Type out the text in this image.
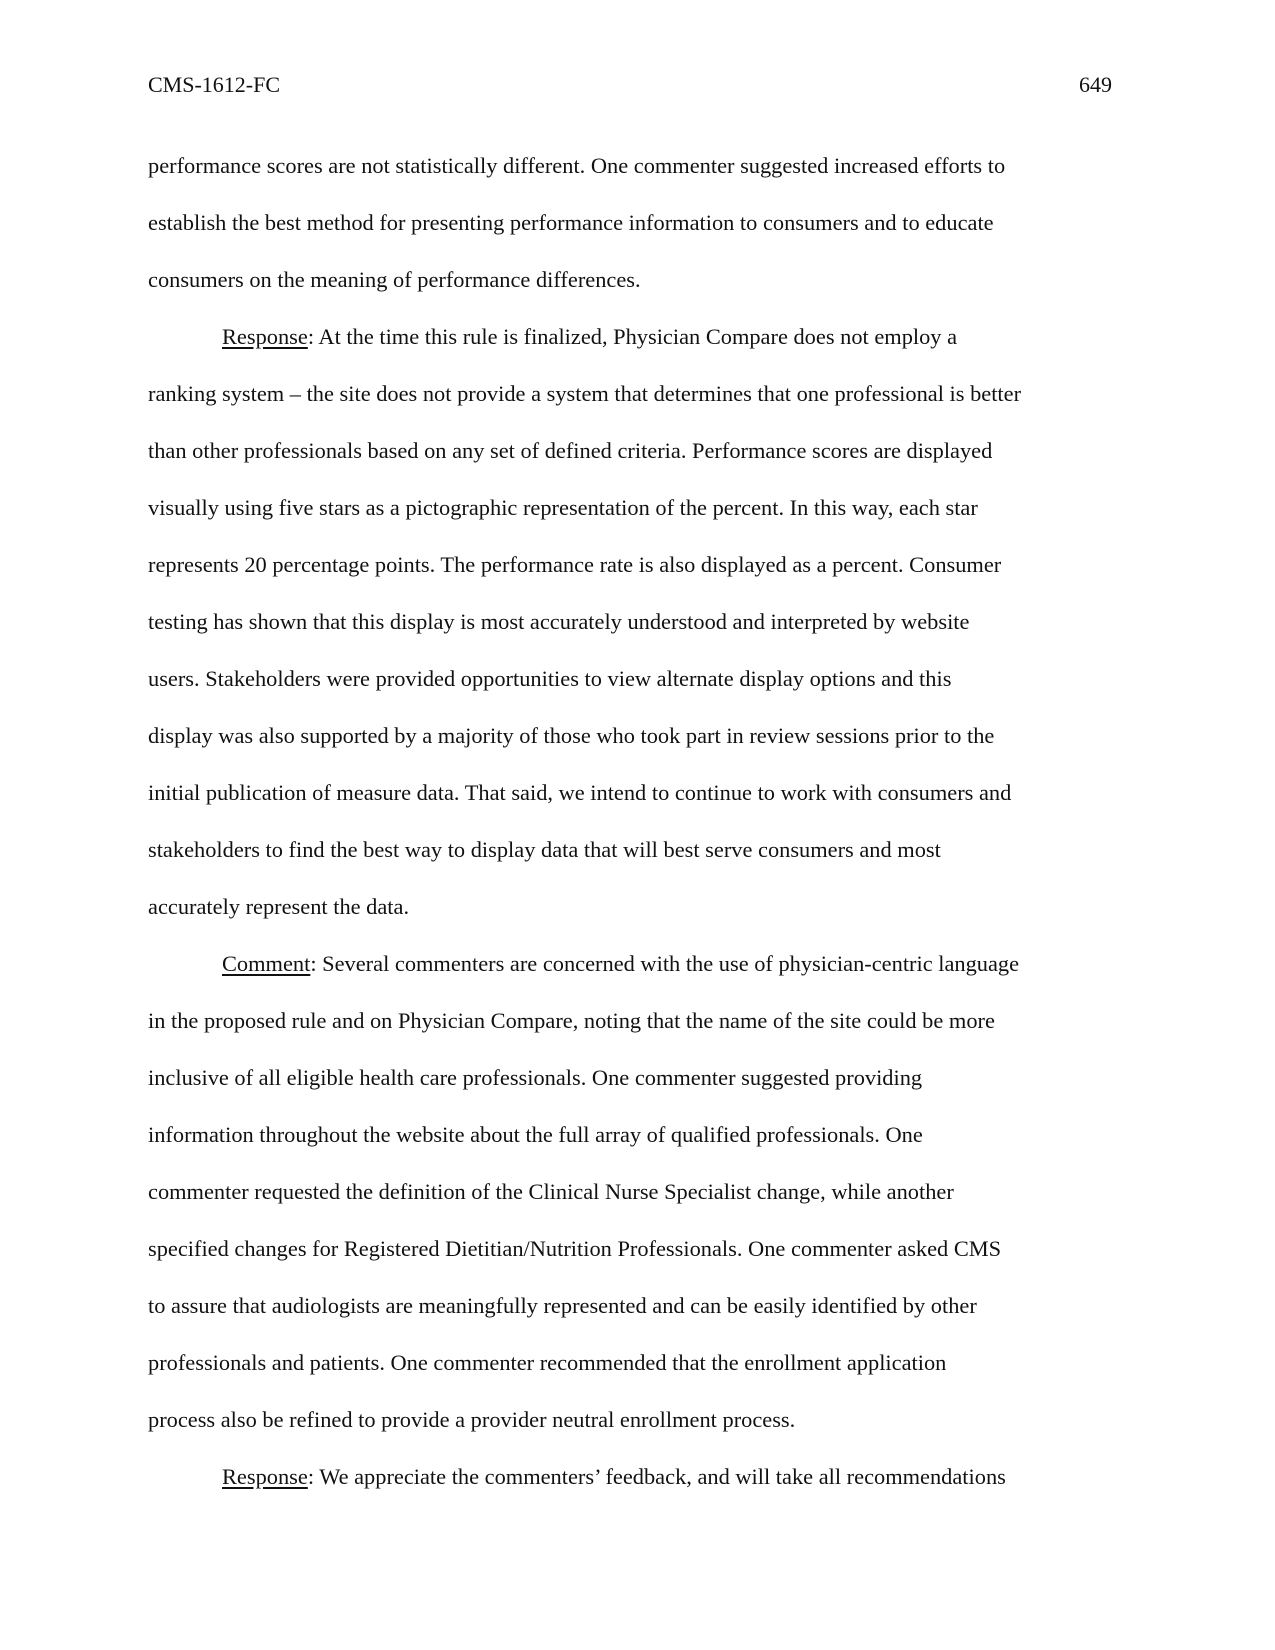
CMS-1612-FC	649
performance scores are not statistically different. One commenter suggested increased efforts to
establish the best method for presenting performance information to consumers and to educate
consumers on the meaning of performance differences.
Response: At the time this rule is finalized, Physician Compare does not employ a
ranking system – the site does not provide a system that determines that one professional is better
than other professionals based on any set of defined criteria. Performance scores are displayed
visually using five stars as a pictographic representation of the percent. In this way, each star
represents 20 percentage points. The performance rate is also displayed as a percent. Consumer
testing has shown that this display is most accurately understood and interpreted by website
users. Stakeholders were provided opportunities to view alternate display options and this
display was also supported by a majority of those who took part in review sessions prior to the
initial publication of measure data. That said, we intend to continue to work with consumers and
stakeholders to find the best way to display data that will best serve consumers and most
accurately represent the data.
Comment: Several commenters are concerned with the use of physician-centric language
in the proposed rule and on Physician Compare, noting that the name of the site could be more
inclusive of all eligible health care professionals. One commenter suggested providing
information throughout the website about the full array of qualified professionals. One
commenter requested the definition of the Clinical Nurse Specialist change, while another
specified changes for Registered Dietitian/Nutrition Professionals. One commenter asked CMS
to assure that audiologists are meaningfully represented and can be easily identified by other
professionals and patients. One commenter recommended that the enrollment application
process also be refined to provide a provider neutral enrollment process.
Response: We appreciate the commenters’ feedback, and will take all recommendations
